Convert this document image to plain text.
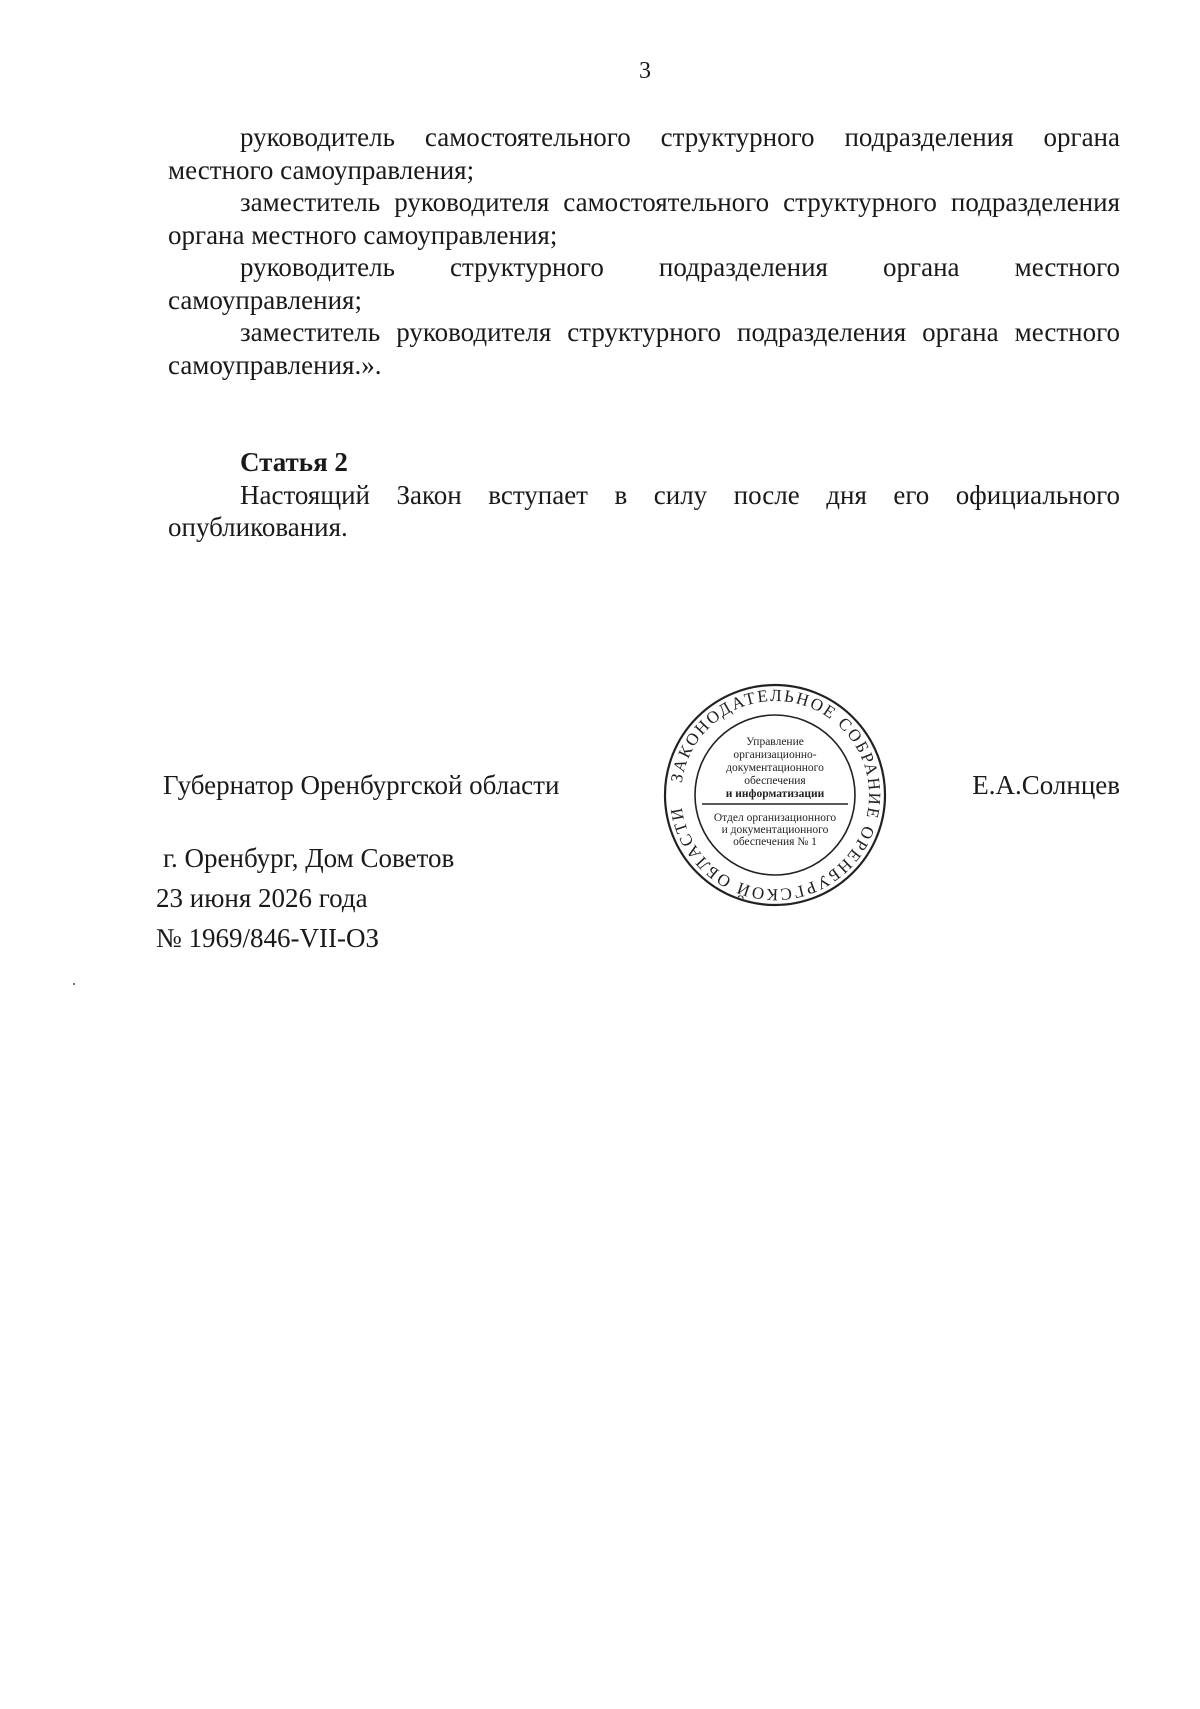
3

руководитель самостоятельного структурного подразделения органа местного самоуправления;

заместитель руководителя самостоятельного структурного подразделения органа местного самоуправления;

руководитель структурного подразделения органа местного самоуправления;

заместитель руководителя структурного подразделения органа местного самоуправления.».

Статья 2

Настоящий Закон вступает в силу после дня его официального опубликования.

Губернатор Оренбургской области	ЗАКОНОДАТЕЛЬНОЕ СОБРАНИЕ ОРЕНБУРГСКОЙ ОБЛАСТИ
Управление
организационно-
документационного
обеспечения
и информатизации
Отдел организационного
и документационного
обеспечения № 1
Е.А.Солнцев
г. Оренбург, Дом Советов
23 июня 2026 года
№ 1969/846-VII-ОЗ
